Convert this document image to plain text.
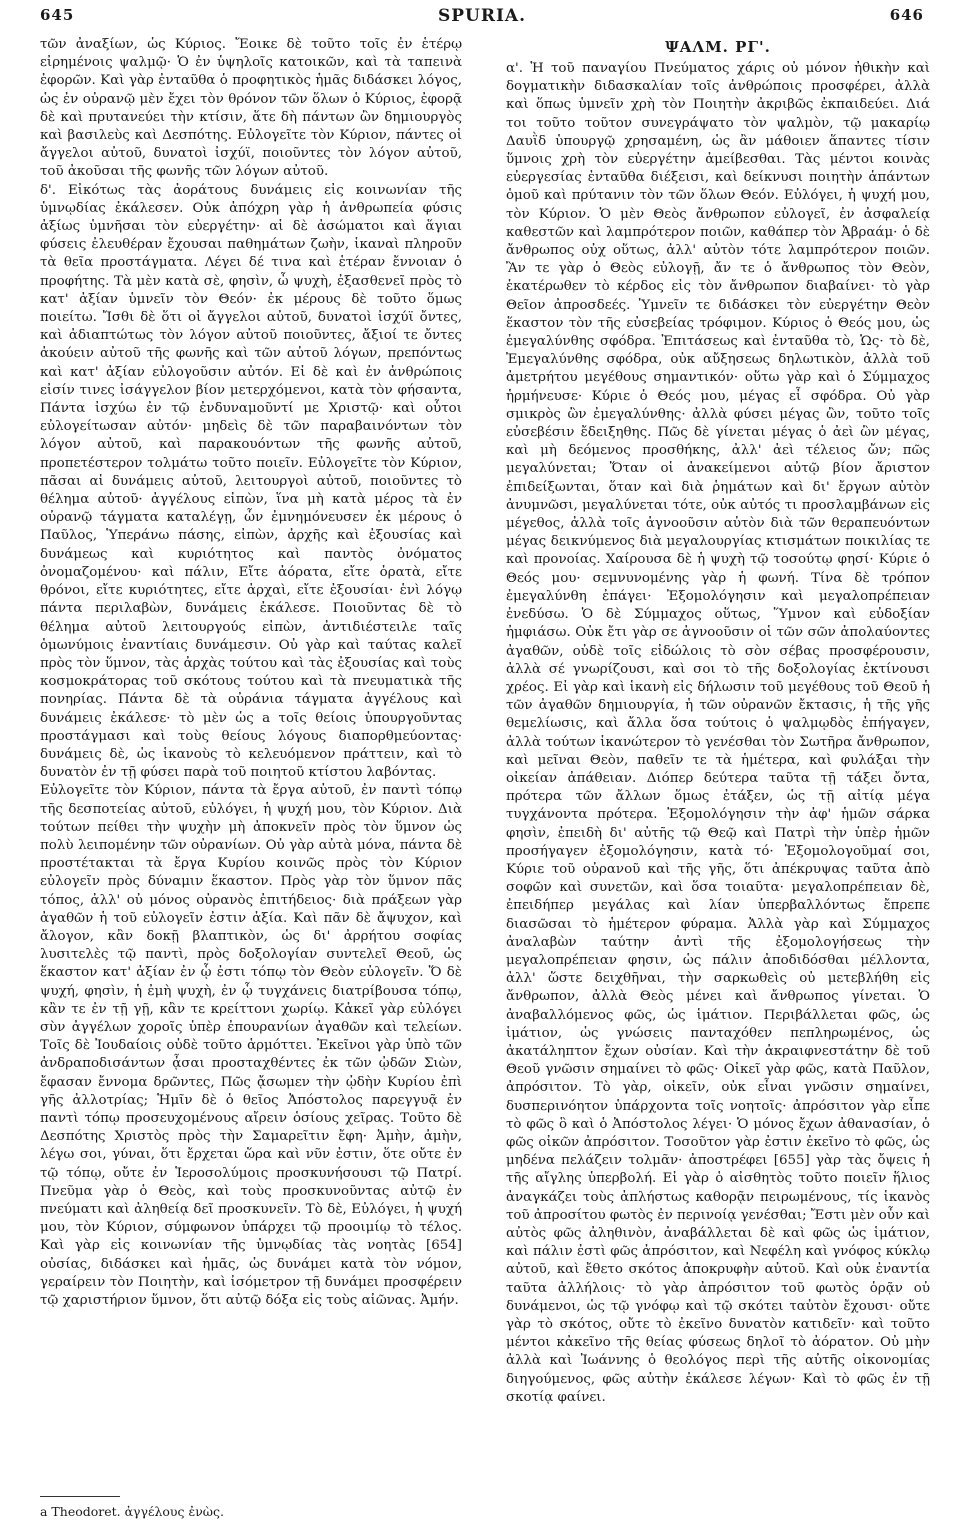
645	SPURIA.	646

τῶν ἀναξίων, ὡς Κύριος. Ἔοικε δὲ τοῦτο τοῖς ἐν ἑτέρῳ εἰρημένοις ψαλμῷ· Ὁ ἐν ὑψηλοῖς κατοικῶν, καὶ τὰ ταπεινὰ ἐφορῶν. Καὶ γὰρ ἐνταῦθα ὁ προφητικὸς ἡμᾶς διδάσκει λόγος, ὡς ἐν οὐρανῷ μὲν ἔχει τὸν θρόνον τῶν ὅλων ὁ Κύριος, ἐφορᾷ δὲ καὶ πρυτανεύει τὴν κτίσιν, ἅτε δὴ πάντων ὢν δημιουργὸς καὶ βασιλεὺς καὶ Δεσπότης. Εὐλογεῖτε τὸν Κύριον, πάντες οἱ ἄγγελοι αὐτοῦ, δυνατοὶ ἰσχύϊ, ποιοῦντες τὸν λόγον αὐτοῦ, τοῦ ἀκοῦσαι τῆς φωνῆς τῶν λόγων αὐτοῦ.

δ'. Εἰκότως τὰς ἀοράτους δυνάμεις εἰς κοινωνίαν τῆς ὑμνῳδίας ἐκάλεσεν. Οὐκ ἀπόχρη γὰρ ἡ ἀνθρωπεία φύσις ἀξίως ὑμνῆσαι τὸν εὐεργέτην· αἱ δὲ ἀσώματοι καὶ ἅγιαι φύσεις ἐλευθέραν ἔχουσαι παθημάτων ζωὴν, ἱκαναὶ πληροῦν τὰ θεῖα προστάγματα. Λέγει δέ τινα καὶ ἑτέραν ἔννοιαν ὁ προφήτης. Τὰ μὲν κατὰ σὲ, φησὶν, ὦ ψυχὴ, ἐξασθενεῖ πρὸς τὸ κατ' ἀξίαν ὑμνεῖν τὸν Θεόν· ἐκ μέρους δὲ τοῦτο ὅμως ποιείτω. Ἴσθι δὲ ὅτι οἱ ἄγγελοι αὐτοῦ, δυνατοὶ ἰσχύϊ ὄντες, καὶ ἀδιαπτώτως τὸν λόγον αὐτοῦ ποιοῦντες, ἄξιοί τε ὄντες ἀκούειν αὐτοῦ τῆς φωνῆς καὶ τῶν αὐτοῦ λόγων, πρεπόντως καὶ κατ' ἀξίαν εὐλογοῦσιν αὐτόν. Εἰ δὲ καὶ ἐν ἀνθρώποις εἰσίν τινες ἰσάγγελον βίον μετερχόμενοι, κατὰ τὸν φήσαντα, Πάντα ἰσχύω ἐν τῷ ἐνδυναμοῦντί με Χριστῷ· καὶ οὗτοι εὐλογείτωσαν αὐτόν· μηδεὶς δὲ τῶν παραβαινόντων τὸν λόγον αὐτοῦ, καὶ παρακουόντων τῆς φωνῆς αὐτοῦ, προπετέστερον τολμάτω τοῦτο ποιεῖν. Εὐλογεῖτε τὸν Κύριον, πᾶσαι αἱ δυνάμεις αὐτοῦ, λειτουργοὶ αὐτοῦ, ποιοῦντες τὸ θέλημα αὐτοῦ· ἀγγέλους εἰπὼν, ἵνα μὴ κατὰ μέρος τὰ ἐν οὐρανῷ τάγματα καταλέγῃ, ὧν ἐμνημόνευσεν ἐκ μέρους ὁ Παῦλος, Ὑπεράνω πάσης, εἰπὼν, ἀρχῆς καὶ ἐξουσίας καὶ δυνάμεως καὶ κυριότητος καὶ παντὸς ὀνόματος ὀνομαζομένου· καὶ πάλιν, Εἴτε ἀόρατα, εἴτε ὁρατὰ, εἴτε θρόνοι, εἴτε κυριότητες, εἴτε ἀρχαὶ, εἴτε ἐξουσίαι· ἑνὶ λόγῳ πάντα περιλαβὼν, δυνάμεις ἐκάλεσε. Ποιοῦντας δὲ τὸ θέλημα αὐτοῦ λειτουργούς εἰπὼν, ἀντιδιέστειλε ταῖς ὁμωνύμοις ἐναντίαις δυνάμεσιν. Οὐ γὰρ καὶ ταύτας καλεῖ πρὸς τὸν ὕμνον, τὰς ἀρχὰς τούτου καὶ τὰς ἐξουσίας καὶ τοὺς κοσμοκράτορας τοῦ σκότους τούτου καὶ τὰ πνευματικὰ τῆς πονηρίας. Πάντα δὲ τὰ οὐράνια τάγματα ἀγγέλους καὶ δυνάμεις ἐκάλεσε· τὸ μὲν ὡς a τοῖς θείοις ὑπουργοῦντας προστάγμασι καὶ τοὺς θείους λόγους διαπορθμεύοντας· δυνάμεις δὲ, ὡς ἱκανοὺς τὸ κελευόμενον πράττειν, καὶ τὸ δυνατὸν ἐν τῇ φύσει παρὰ τοῦ ποιητοῦ κτίστου λαβόντας.

Εὐλογεῖτε τὸν Κύριον, πάντα τὰ ἔργα αὐτοῦ, ἐν παντὶ τόπῳ τῆς δεσποτείας αὐτοῦ, εὐλόγει, ἡ ψυχή μου, τὸν Κύριον. Διὰ τούτων πείθει τὴν ψυχὴν μὴ ἀποκνεῖν πρὸς τὸν ὕμνον ὡς πολὺ λειπομένην τῶν οὐρανίων. Οὐ γὰρ αὐτὰ μόνα, πάντα δὲ προστέτακται τὰ ἔργα Κυρίου κοινῶς πρὸς τὸν Κύριον εὐλογεῖν πρὸς δύναμιν ἕκαστον. Πρὸς γὰρ τὸν ὕμνον πᾶς τόπος, ἀλλ' οὐ μόνος οὐρανὸς ἐπιτήδειος· διὰ πράξεων γὰρ ἀγαθῶν ἡ τοῦ εὐλογεῖν ἐστιν ἀξία. Καὶ πᾶν δὲ ἄψυχον, καὶ ἄλογον, κἂν δοκῇ βλαπτικὸν, ὡς δι' ἀρρήτου σοφίας λυσιτελὲς τῷ παντὶ, πρὸς δοξολογίαν συντελεῖ Θεοῦ, ὡς ἕκαστον κατ' ἀξίαν ἐν ᾧ ἐστι τόπῳ τὸν Θεὸν εὐλογεῖν. Ὅ δὲ ψυχή, φησὶν, ἡ ἐμὴ ψυχὴ, ἐν ᾧ τυγχάνεις διατρίβουσα τόπῳ, κἂν τε ἐν τῇ γῇ, κἂν τε κρείττονι χωρίῳ. Κἀκεῖ γὰρ εὐλόγει σὺν ἀγγέλων χοροῖς ὑπὲρ ἐπουρανίων ἀγαθῶν καὶ τελείων. Τοῖς δὲ Ἰουδαίοις οὐδὲ τοῦτο ἁρμόττει. Ἐκεῖνοι γὰρ ὑπὸ τῶν ἀνδραποδισάντων ᾆσαι προσταχθέντες ἐκ τῶν ᾠδῶν Σιὼν, ἔφασαν ἔννομα δρῶντες, Πῶς ᾄσωμεν τὴν ᾠδὴν Κυρίου ἐπὶ γῆς ἀλλοτρίας; Ἡμῖν δὲ ὁ θεῖος Ἀπόστολος παρεγγυᾷ ἐν παντὶ τόπῳ προσευχομένους αἴρειν ὁσίους χεῖρας. Τοῦτο δὲ Δεσπότης Χριστὸς πρὸς τὴν Σαμαρεῖτιν ἔφη· Ἀμὴν, ἀμὴν, λέγω σοι, γύναι, ὅτι ἔρχεται ὥρα καὶ νῦν ἐστιν, ὅτε οὔτε ἐν τῷ τόπῳ, οὔτε ἐν Ἱεροσολύμοις προσκυνήσουσι τῷ Πατρί. Πνεῦμα γὰρ ὁ Θεὸς, καὶ τοὺς προσκυνοῦντας αὐτῷ ἐν πνεύματι καὶ ἀληθείᾳ δεῖ προσκυνεῖν. Τὸ δὲ, Εὐλόγει, ἡ ψυχή μου, τὸν Κύριον, σύμφωνον ὑπάρχει τῷ προοιμίῳ τὸ τέλος. Καὶ γὰρ εἰς κοινωνίαν τῆς ὑμνῳδίας τὰς νοητὰς [654] οὐσίας, διδάσκει καὶ ἡμᾶς, ὡς δυνάμει κατὰ τὸν νόμον, γεραίρειν τὸν Ποιητὴν, καὶ ἰσόμετρον τῇ δυνάμει προσφέρειν τῷ χαριστήριον ὕμνον, ὅτι αὐτῷ δόξα εἰς τοὺς αἰῶνας. Ἀμήν.

ΨΑΛΜ. ΡΓ'.

α'. Ἡ τοῦ παναγίου Πνεύματος χάρις οὐ μόνον ἠθικὴν καὶ δογματικὴν διδασκαλίαν τοῖς ἀνθρώποις προσφέρει, ἀλλὰ καὶ ὅπως ὑμνεῖν χρὴ τὸν Ποιητὴν ἀκριβῶς ἐκπαιδεύει. Διά τοι τοῦτο τοῦτον συνεγράψατο τὸν ψαλμὸν, τῷ μακαρίῳ Δαυῒδ ὑπουργῷ χρησαμένη, ὡς ἂν μάθοιεν ἅπαντες τίσιν ὕμνοις χρὴ τὸν εὐεργέτην ἀμείβεσθαι. Τὰς μέντοι κοινὰς εὐεργεσίας ἐνταῦθα διέξεισι, καὶ δείκνυσι ποιητὴν ἁπάντων ὁμοῦ καὶ πρύτανιν τὸν τῶν ὅλων Θεόν. Εὐλόγει, ἡ ψυχή μου, τὸν Κύριον. Ὁ μὲν Θεὸς ἄνθρωπον εὐλογεῖ, ἐν ἀσφαλείᾳ καθεστῶν καὶ λαμπρότερον ποιῶν, καθάπερ τὸν Ἀβραάμ· ὁ δὲ ἄνθρωπος οὐχ οὕτως, ἀλλ' αὐτὸν τότε λαμπρότερον ποιῶν. Ἂν τε γὰρ ὁ Θεὸς εὐλογῇ, ἄν τε ὁ ἄνθρωπος τὸν Θεὸν, ἑκατέρωθεν τὸ κέρδος εἰς τὸν ἄνθρωπον διαβαίνει· τὸ γὰρ Θεῖον ἀπροσδεές. Ὑμνεῖν τε διδάσκει τὸν εὐεργέτην Θεὸν ἕκαστον τὸν τῆς εὐσεβείας τρόφιμον. Κύριος ὁ Θεός μου, ὡς ἐμεγαλύνθης σφόδρα. Ἐπιτάσεως καὶ ἐνταῦθα τὸ, Ὡς· τὸ δὲ, Ἐμεγαλύνθης σφόδρα, οὐκ αὔξησεως δηλωτικὸν, ἀλλὰ τοῦ ἀμετρήτου μεγέθους σημαντικόν· οὕτω γὰρ καὶ ὁ Σύμμαχος ἡρμήνευσε· Κύριε ὁ Θεός μου, μέγας εἶ σφόδρα. Οὐ γὰρ σμικρὸς ὢν ἐμεγαλύνθης· ἀλλὰ φύσει μέγας ὢν, τοῦτο τοῖς εὐσεβέσιν ἔδειξηθης. Πῶς δὲ γίνεται μέγας ὁ ἀεὶ ὢν μέγας, καὶ μὴ δεόμενος προσθήκης, ἀλλ' ἀεὶ τέλειος ὤν; πῶς μεγαλύνεται; Ὅταν οἱ ἀνακείμενοι αὐτῷ βίον ἄριστον ἐπιδείξωνται, ὅταν καὶ διὰ ῥημάτων καὶ δι' ἔργων αὐτὸν ἀνυμνῶσι, μεγαλύνεται τότε, οὐκ αὐτός τι προσλαμβάνων εἰς μέγεθος, ἀλλὰ τοῖς ἀγνοοῦσιν αὐτὸν διὰ τῶν θεραπευόντων μέγας δεικνύμενος διὰ μεγαλουργίας κτισμάτων ποικιλίας τε καὶ προνοίας. Χαίρουσα δὲ ἡ ψυχὴ τῷ τοσούτῳ φησί· Κύριε ὁ Θεός μου· σεμνυνομένης γὰρ ἡ φωνή. Τίνα δὲ τρόπον ἐμεγαλύνθη ἐπάγει· Ἐξομολόγησιν καὶ μεγαλοπρέπειαν ἐνεδύσω. Ὁ δὲ Σύμμαχος οὕτως, Ὕμνον καὶ εὐδοξίαν ἠμφιάσω. Οὐκ ἔτι γὰρ σε ἀγνοοῦσιν οἱ τῶν σῶν ἀπολαύοντες ἀγαθῶν, οὐδὲ τοῖς εἰδώλοις τὸ σὸν σέβας προσφέρουσιν, ἀλλὰ σέ γνωρίζουσι, καὶ σοι τὸ τῆς δοξολογίας ἐκτίνουσι χρέος. Εἰ γὰρ καὶ ἱκανὴ εἰς δήλωσιν τοῦ μεγέθους τοῦ Θεοῦ ἡ τῶν ἀγαθῶν δημιουργία, ἡ τῶν οὐρανῶν ἔκτασις, ἡ τῆς γῆς θεμελίωσις, καὶ ἄλλα ὅσα τούτοις ὁ ψαλμῳδὸς ἐπήγαγεν, ἀλλὰ τούτων ἱκανώτερον τὸ γενέσθαι τὸν Σωτῆρα ἄνθρωπον, καὶ μεῖναι Θεὸν, παθεῖν τε τὰ ἡμέτερα, καὶ φυλάξαι τὴν οἰκείαν ἀπάθειαν. Διόπερ δεύτερα ταῦτα τῇ τάξει ὄντα, πρότερα τῶν ἄλλων ὅμως ἐτάξεν, ὡς τῇ αἰτίᾳ μέγα τυγχάνοντα πρότερα. Ἐξομολόγησιν τὴν ἀφ' ἡμῶν σάρκα φησὶν, ἐπειδὴ δι' αὐτῆς τῷ Θεῷ καὶ Πατρὶ τὴν ὑπὲρ ἡμῶν προσήγαγεν ἐξομολόγησιν, κατὰ τό· Ἐξομολογοῦμαί σοι, Κύριε τοῦ οὐρανοῦ καὶ τῆς γῆς, ὅτι ἀπέκρυψας ταῦτα ἀπὸ σοφῶν καὶ συνετῶν, καὶ ὅσα τοιαῦτα· μεγαλοπρέπειαν δὲ, ἐπειδήπερ μεγάλας καὶ λίαν ὑπερβαλλόντως ἔπρεπε διασῶσαι τὸ ἡμέτερον φύραμα. Ἀλλὰ γὰρ καὶ Σύμμαχος ἀναλαβὼν ταύτην ἀντὶ τῆς ἐξομολογήσεως τὴν μεγαλοπρέπειαν φησιν, ὡς πάλιν ἀποδιδόσθαι μέλλοντα, ἀλλ' ὥστε δειχθῆναι, τὴν σαρκωθεὶς οὐ μετεβλήθη εἰς ἄνθρωπον, ἀλλὰ Θεὸς μένει καὶ ἄνθρωπος γίνεται. Ὁ ἀναβαλλόμενος φῶς, ὡς ἱμάτιον. Περιβάλλεται φῶς, ὡς ἱμάτιον, ὡς γνώσεις πανταχόθεν πεπληρωμένος, ὡς ἀκατάληπτον ἔχων οὐσίαν. Καὶ τὴν ἀκραιφνεστάτην δὲ τοῦ Θεοῦ γνῶσιν σημαίνει τὸ φῶς· Οἰκεῖ γὰρ φῶς, κατὰ Παῦλον, ἀπρόσιτον. Τὸ γὰρ, οἰκεῖν, οὐκ εἶναι γνῶσιν σημαίνει, δυσπερινόητον ὑπάρχοντα τοῖς νοητοῖς· ἀπρόσιτον γὰρ εἶπε τὸ φῶς ὃ καὶ ὁ Ἀπόστολος λέγει· Ὁ μόνος ἔχων ἀθανασίαν, ὁ φῶς οἰκῶν ἀπρόσιτον. Τοσοῦτον γὰρ ἐστιν ἐκεῖνο τὸ φῶς, ὡς μηδένα πελάζειν τολμᾶν· ἀποστρέφει [655] γὰρ τὰς ὄψεις ἡ τῆς αἴγλης ὑπερβολή. Εἰ γὰρ ὁ αἰσθητὸς τοῦτο ποιεῖν ἥλιος ἀναγκάζει τοὺς ἀπλήστως καθορᾷν πειρωμένους, τίς ἱκανὸς τοῦ ἀπροσίτου φωτὸς ἐν περινοίᾳ γενέσθαι; Ἔστι μὲν οὖν καὶ αὐτὸς φῶς ἀληθινὸν, ἀναβάλλεται δὲ καὶ φῶς ὡς ἱμάτιον, καὶ πάλιν ἐστὶ φῶς ἀπρόσιτον, καὶ Νεφέλη καὶ γνόφος κύκλῳ αὐτοῦ, καὶ ἔθετο σκότος ἀποκρυφὴν αὐτοῦ. Καὶ οὐκ ἐναντία ταῦτα ἀλλήλοις· τὸ γὰρ ἀπρόσιτον τοῦ φωτὸς ὁρᾷν οὐ δυνάμενοι, ὡς τῷ γνόφῳ καὶ τῷ σκότει ταὐτὸν ἔχουσι· οὔτε γὰρ τὸ σκότος, οὔτε τὸ ἐκεῖνο δυνατὸν κατιδεῖν· καὶ τοῦτο μέντοι κἀκεῖνο τῆς θείας φύσεως δηλοῖ τὸ ἀόρατον. Οὐ μὴν ἀλλὰ καὶ Ἰωάννης ὁ θεολόγος περὶ τῆς αὐτῆς οἰκονομίας διηγούμενος, φῶς αὐτὴν ἐκάλεσε λέγων· Καὶ τὸ φῶς ἐν τῇ σκοτίᾳ φαίνει.

a Theodoret. ἀγγέλους ἐνὼς.
